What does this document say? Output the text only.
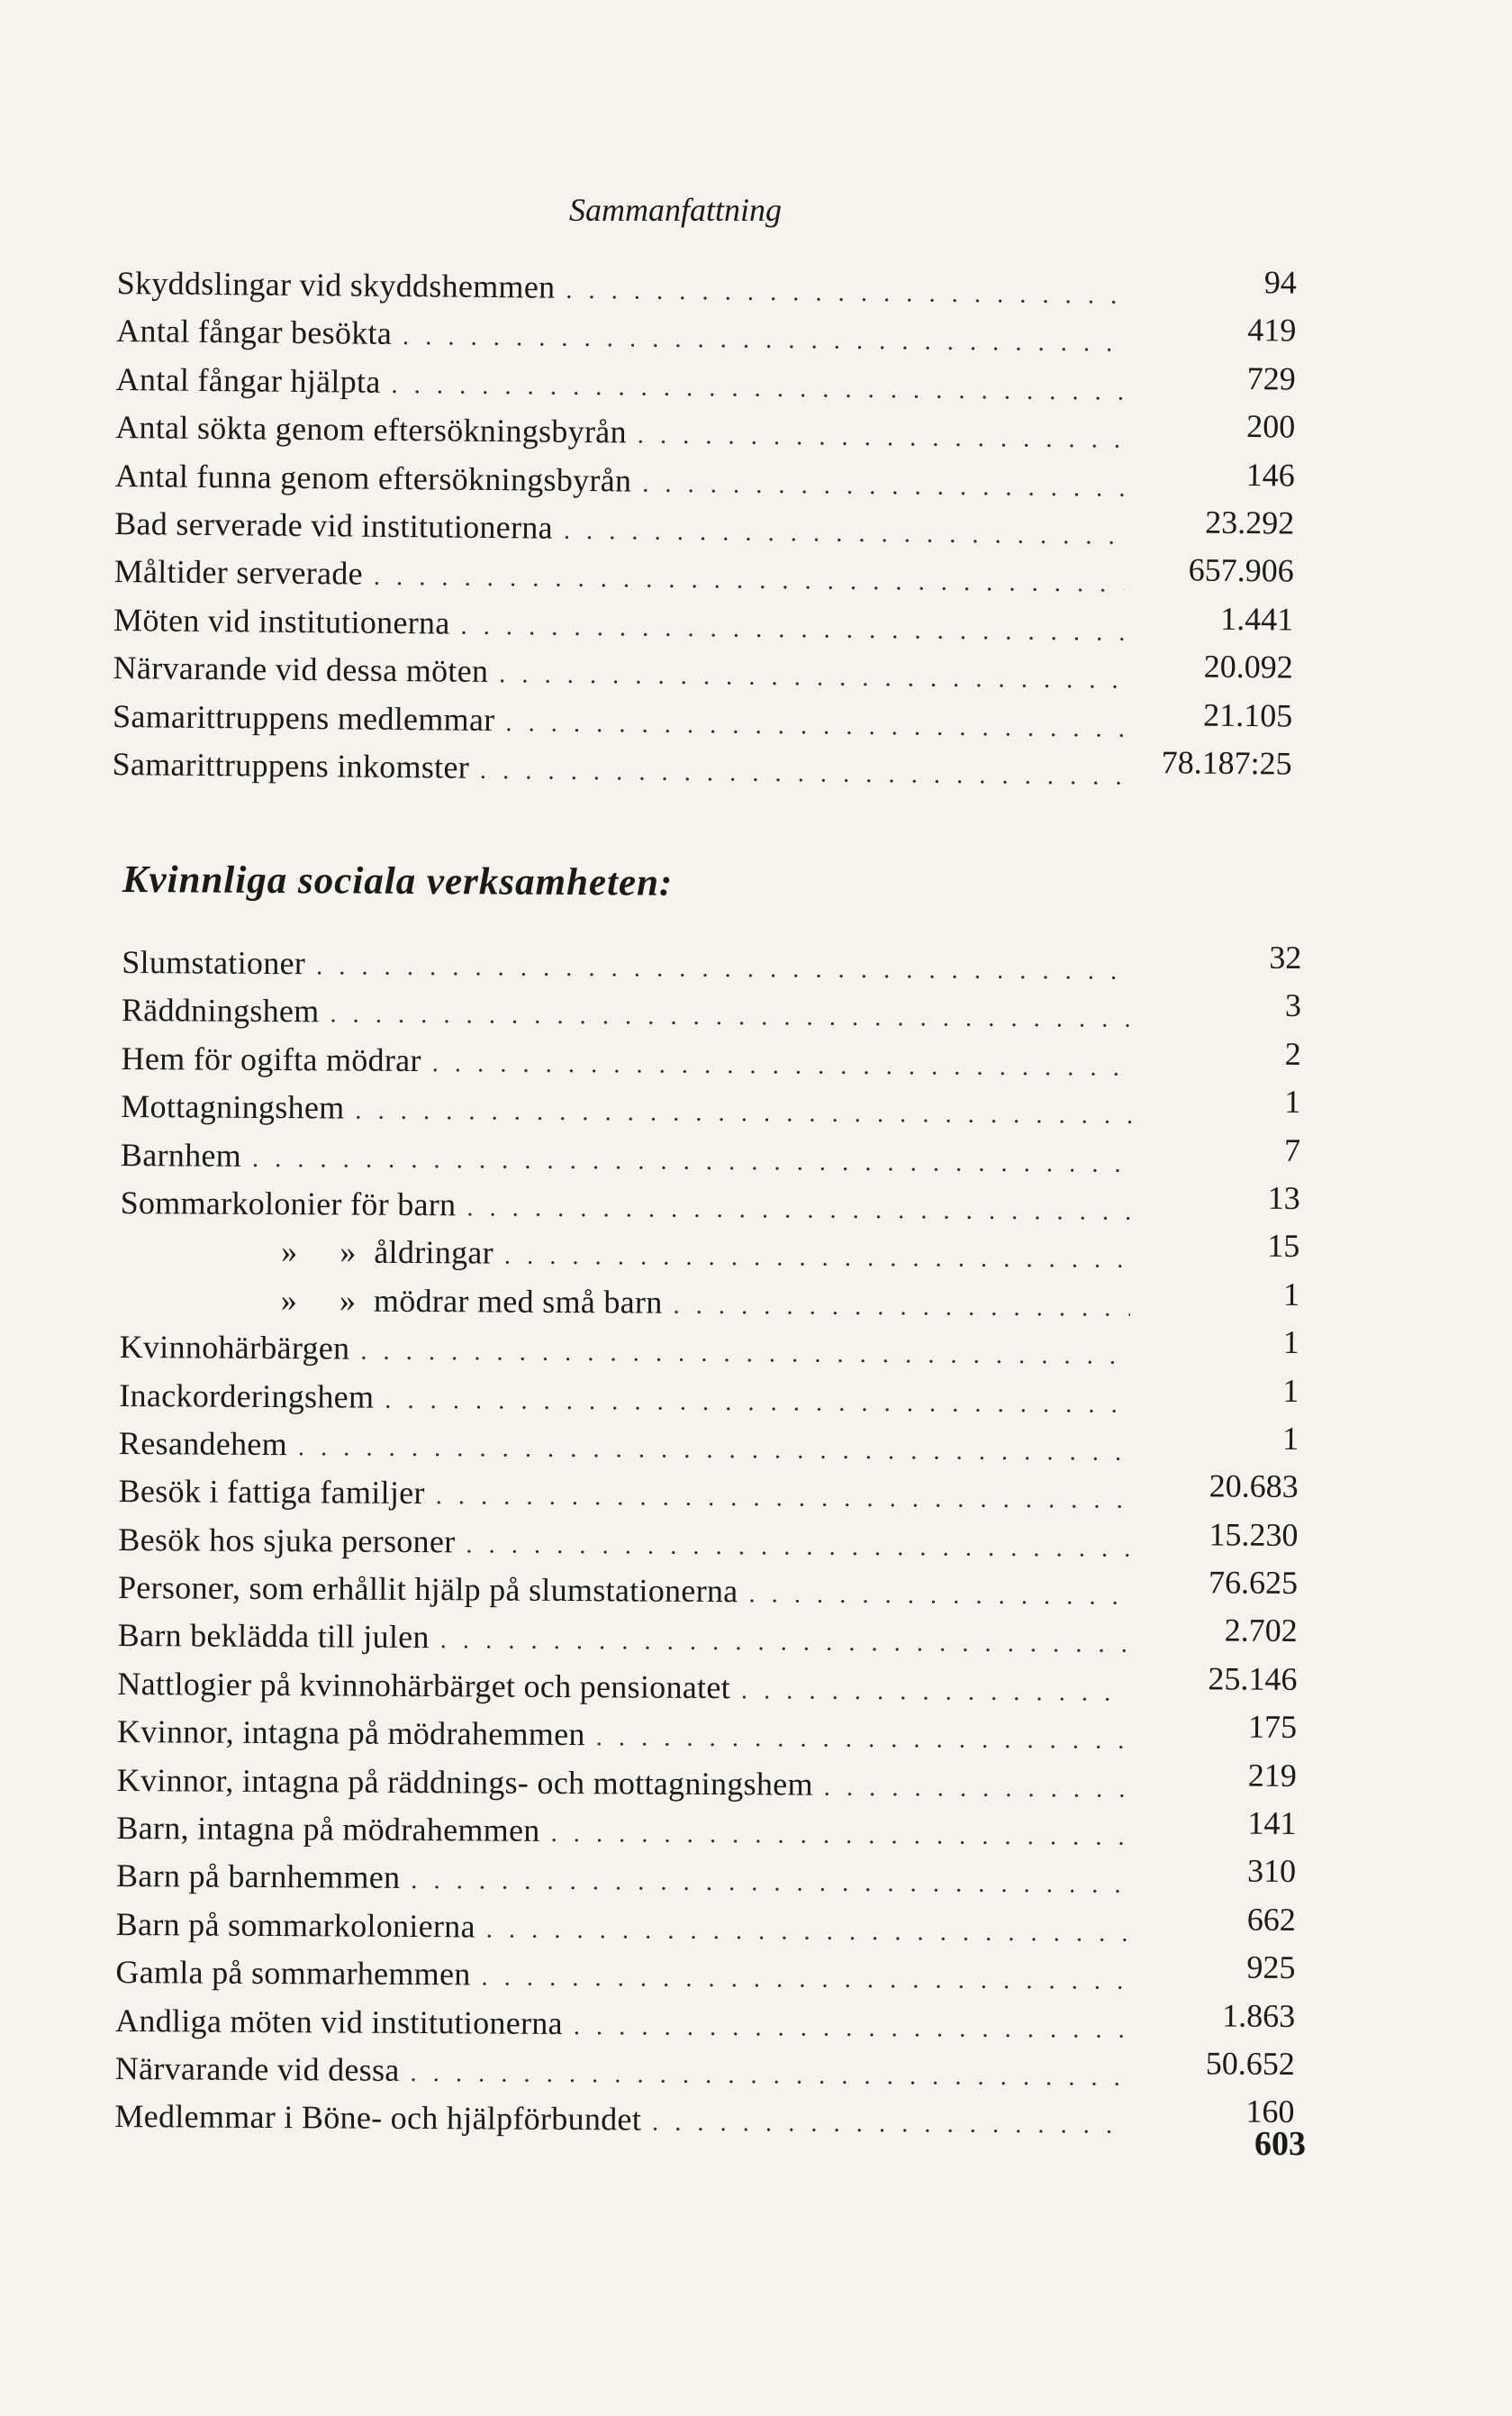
Sammanfattning
Skyddslingar vid skyddshemmen . . .	94
Antal fångar besökta . . .	419
Antal fångar hjälpta . . .	729
Antal sökta genom eftersökningsbyrån . . .	200
Antal funna genom eftersökningsbyrån . . .	146
Bad serverade vid institutionerna . . .	23.292
Måltider serverade . . .	657.906
Möten vid institutionerna . . .	1.441
Närvarande vid dessa möten . . .	20.092
Samarittruppens medlemmar . . .	21.105
Samarittruppens inkomster . . .	78.187:25
Kvinnliga sociala verksamheten:
Slumstationer . . .	32
Räddningshem . . .	3
Hem för ogifta mödrar . . .	2
Mottagningshem . . .	1
Barnhem . . .	7
Sommarkolonier för barn . . .	13
» » åldringar . . .	15
» » mödrar med små barn . . .	1
Kvinnohärbärgen . . .	1
Inackorderingshem . . .	1
Resandehem . . .	1
Besök i fattiga familjer . . .	20.683
Besök hos sjuka personer . . .	15.230
Personer, som erhållit hjälp på slumstationerna . . .	76.625
Barn beklädda till julen . . .	2.702
Nattlogier på kvinnohärbärget och pensionatet . . .	25.146
Kvinnor, intagna på mödrahemmen . . .	175
Kvinnor, intagna på räddnings- och mottagningshem . . .	219
Barn, intagna på mödrahemmen . . .	141
Barn på barnhemmen . . .	310
Barn på sommarkolonierna . . .	662
Gamla på sommarhemmen . . .	925
Andliga möten vid institutionerna . . .	1.863
Närvarande vid dessa . . .	50.652
Medlemmar i Böne- och hjälpförbundet . . .	160
603
